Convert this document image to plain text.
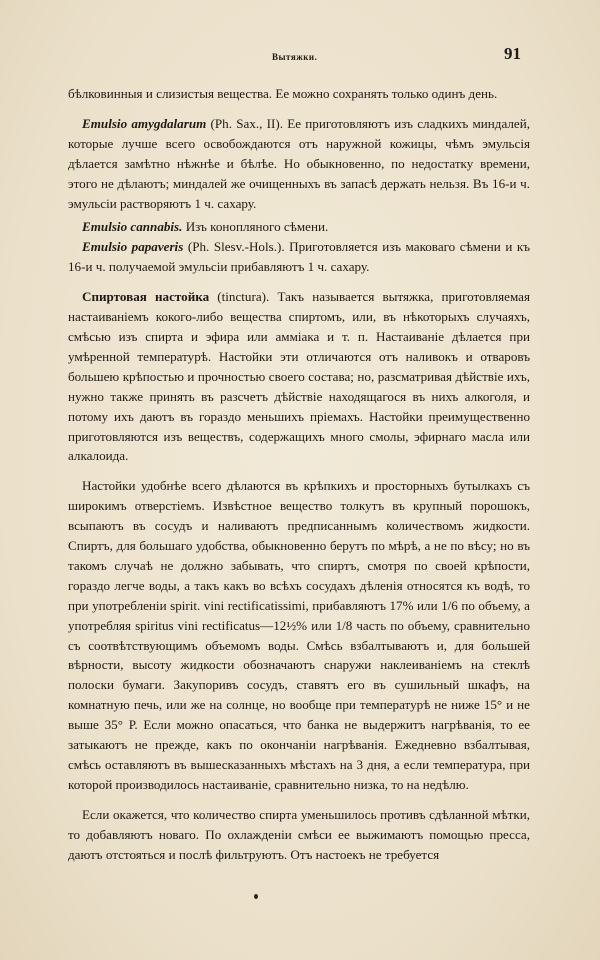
Вытяжки.	91

бѣлковинныя и слизистыя вещества. Ее можно сохранять только одинъ день.

Emulsio amygdalarum (Ph. Sax., II). Ее приготовляютъ изъ сладкихъ миндалей, которые лучше всего освобождаются отъ наружной кожицы, чѣмъ эмульсія дѣлается замѣтно нѣжнѣе и бѣлѣе. Но обыкновенно, по недостатку времени, этого не дѣлаютъ; миндалей же очищенныхъ въ запасѣ держать нельзя. Въ 16-и ч. эмульсіи растворяютъ 1 ч. сахару.

Emulsio cannabis. Изъ конопляного сѣмени.

Emulsio papaveris (Ph. Slesv.-Hols.). Приготовляется изъ маковаго сѣмени и къ 16-и ч. получаемой эмульсіи прибавляютъ 1 ч. сахару.

Спиртовая настойка (tinctura). Такъ называется вытяжка, приготовляемая настаиваніемъ кокого-либо вещества спиртомъ, или, въ нѣкоторыхъ случаяхъ, смѣсью изъ спирта и эфира или амміака и т. п. Настаиваніе дѣлается при умѣренной температурѣ. Настойки эти отличаются отъ наливокъ и отваровъ большею крѣпостью и прочностью своего состава; но, разсматривая дѣйствіе ихъ, нужно также принять въ разсчетъ дѣйствіе находящагося въ нихъ алкоголя, и потому ихъ даютъ въ гораздо меньшихъ пріемахъ. Настойки преимущественно приготовляются изъ веществъ, содержащихъ много смолы, эфирнаго масла или алкалоида.

Настойки удобнѣе всего дѣлаются въ крѣпкихъ и просторныхъ бутылкахъ съ широкимъ отверстіемъ. Извѣстное вещество толкутъ въ крупный порошокъ, всыпаютъ въ сосудъ и наливаютъ предписаннымъ количествомъ жидкости. Спиртъ, для большаго удобства, обыкновенно берутъ по мѣрѣ, а не по вѣсу; но въ такомъ случаѣ не должно забывать, что спиртъ, смотря по своей крѣпости, гораздо легче воды, а такъ какъ во всѣхъ сосудахъ дѣленія относятся къ водѣ, то при употребленіи spirit. vini rectificatissimi, прибавляютъ 17% или 1/6 по объему, а употребляя spiritus vini rectificatus—12½% или 1/8 часть по объему, сравнительно съ соотвѣтствующимъ объемомъ воды. Смѣсь взбалтываютъ и, для большей вѣрности, высоту жидкости обозначаютъ снаружи наклеиваніемъ на стеклѣ полоски бумаги. Закупоривъ сосудъ, ставятъ его въ сушильный шкафъ, на комнатную печь, или же на солнце, но вообще при температурѣ не ниже 15° и не выше 35° Р. Если можно опасаться, что банка не выдержитъ нагрѣванія, то ее затыкаютъ не прежде, какъ по окончаніи нагрѣванія. Ежедневно взбалтывая, смѣсь оставляютъ въ вышесказанныхъ мѣстахъ на 3 дня, а если температура, при которой производилось настаиваніе, сравнительно низка, то на недѣлю.

Если окажется, что количество спирта уменьшилось противъ сдѣланной мѣтки, то добавляютъ новаго. По охлажденіи смѣси ее выжимаютъ помощью пресса, даютъ отстояться и послѣ фильтруютъ. Отъ настоекъ не требуется
